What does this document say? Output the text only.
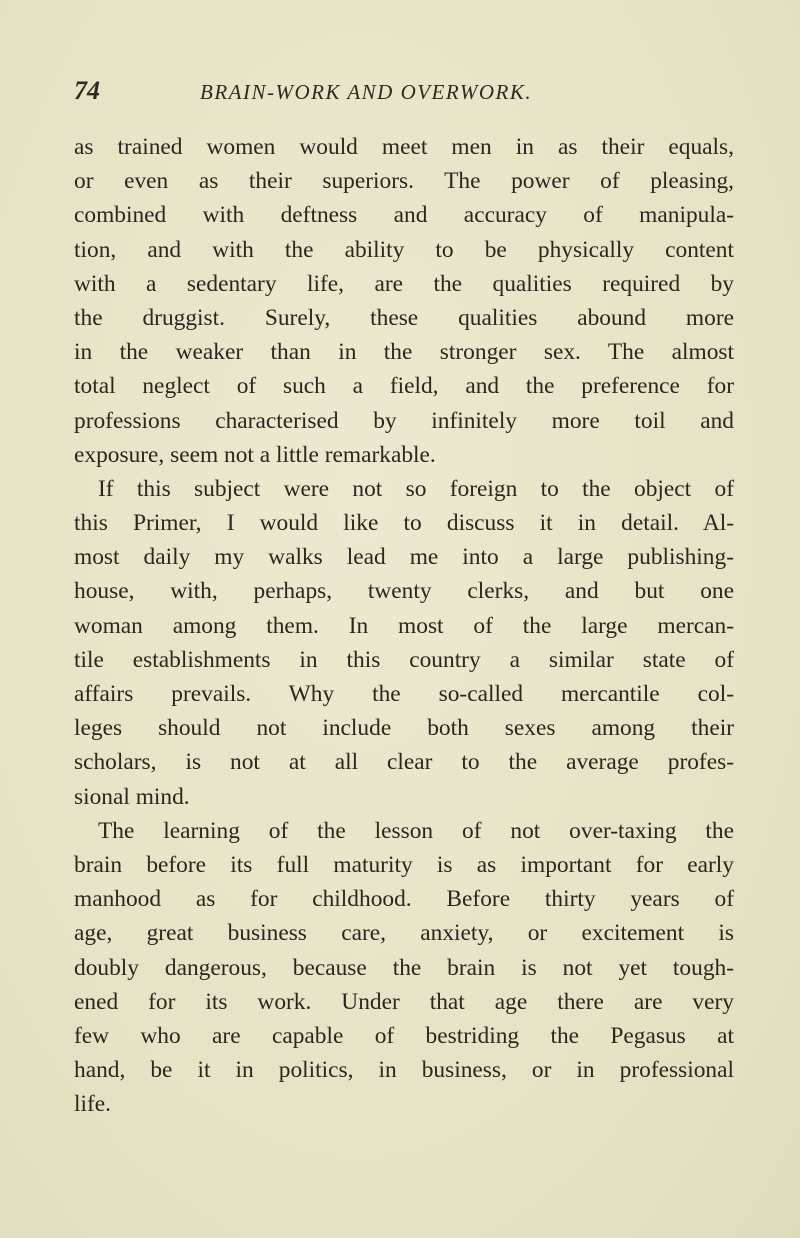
74	BRAIN-WORK AND OVERWORK.
as trained women would meet men in as their equals,
or even as their superiors. The power of pleasing,
combined with deftness and accuracy of manipula-
tion, and with the ability to be physically content
with a sedentary life, are the qualities required by
the druggist. Surely, these qualities abound more
in the weaker than in the stronger sex. The almost
total neglect of such a field, and the preference for
professions characterised by infinitely more toil and
exposure, seem not a little remarkable.
If this subject were not so foreign to the object of
this Primer, I would like to discuss it in detail. Al-
most daily my walks lead me into a large publishing-
house, with, perhaps, twenty clerks, and but one
woman among them. In most of the large mercan-
tile establishments in this country a similar state of
affairs prevails. Why the so-called mercantile col-
leges should not include both sexes among their
scholars, is not at all clear to the average profes-
sional mind.
The learning of the lesson of not over-taxing the
brain before its full maturity is as important for early
manhood as for childhood. Before thirty years of
age, great business care, anxiety, or excitement is
doubly dangerous, because the brain is not yet tough-
ened for its work. Under that age there are very
few who are capable of bestriding the Pegasus at
hand, be it in politics, in business, or in professional
life.
